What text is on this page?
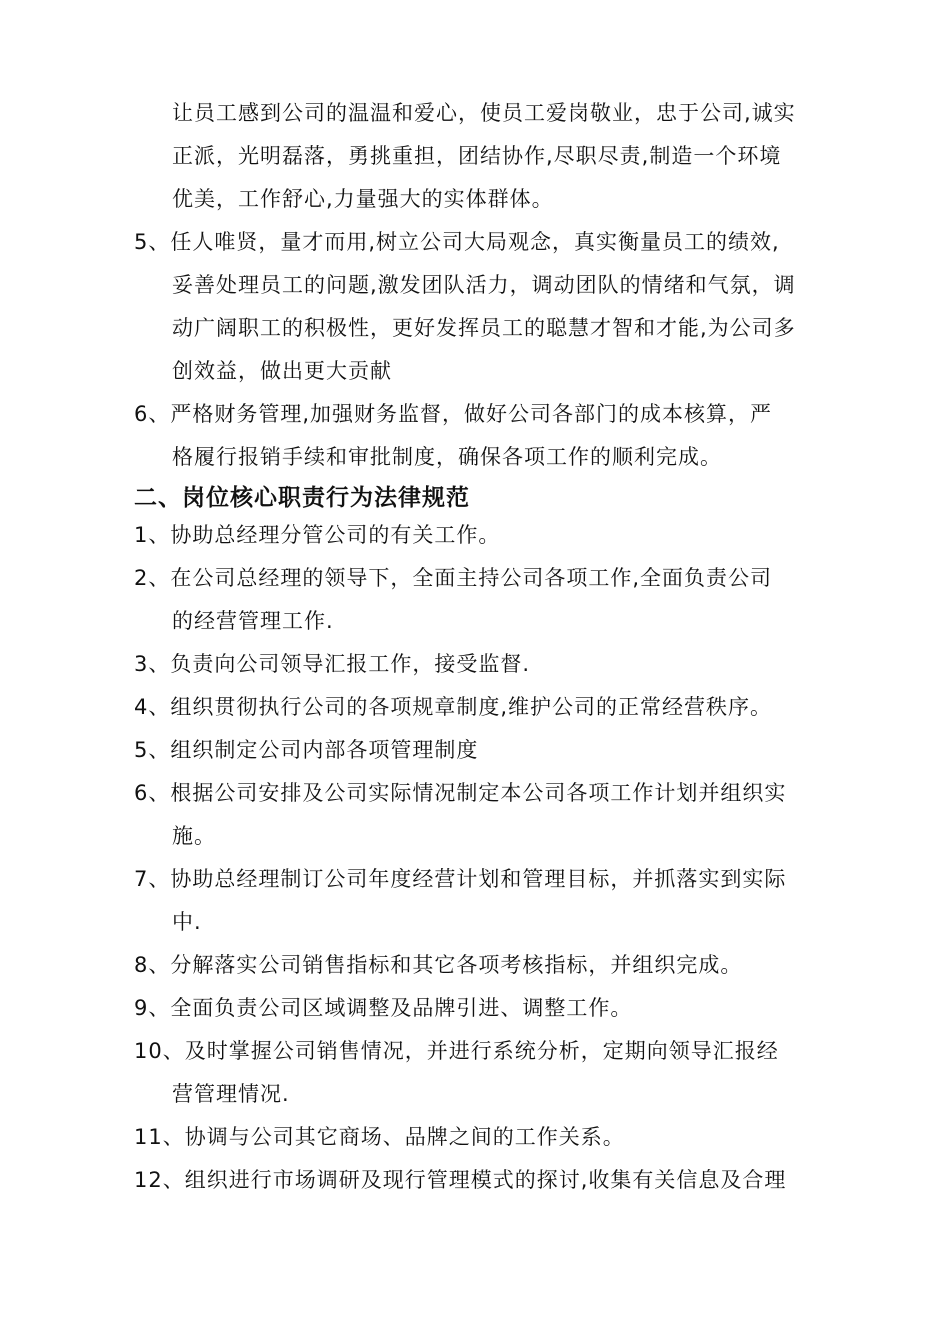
让员工感到公司的温温和爱心，使员工爱岗敬业，忠于公司,诚实
正派，光明磊落，勇挑重担，团结协作,尽职尽责,制造一个环境
优美，工作舒心,力量强大的实体群体。
5、任人唯贤，量才而用,树立公司大局观念，真实衡量员工的绩效,
妥善处理员工的问题,激发团队活力，调动团队的情绪和气氛，调
动广阔职工的积极性，更好发挥员工的聪慧才智和才能,为公司多
创效益，做出更大贡献
6、严格财务管理,加强财务监督，做好公司各部门的成本核算，严
格履行报销手续和审批制度，确保各项工作的顺利完成。
二、岗位核心职责行为法律规范
1、协助总经理分管公司的有关工作。
2、在公司总经理的领导下，全面主持公司各项工作,全面负责公司
的经营管理工作.
3、负责向公司领导汇报工作，接受监督.
4、组织贯彻执行公司的各项规章制度,维护公司的正常经营秩序。
5、组织制定公司内部各项管理制度
6、根据公司安排及公司实际情况制定本公司各项工作计划并组织实
施。
7、协助总经理制订公司年度经营计划和管理目标，并抓落实到实际
中.
8、分解落实公司销售指标和其它各项考核指标，并组织完成。
9、全面负责公司区域调整及品牌引进、调整工作。
10、及时掌握公司销售情况，并进行系统分析，定期向领导汇报经
营管理情况.
11、协调与公司其它商场、品牌之间的工作关系。
12、组织进行市场调研及现行管理模式的探讨,收集有关信息及合理
